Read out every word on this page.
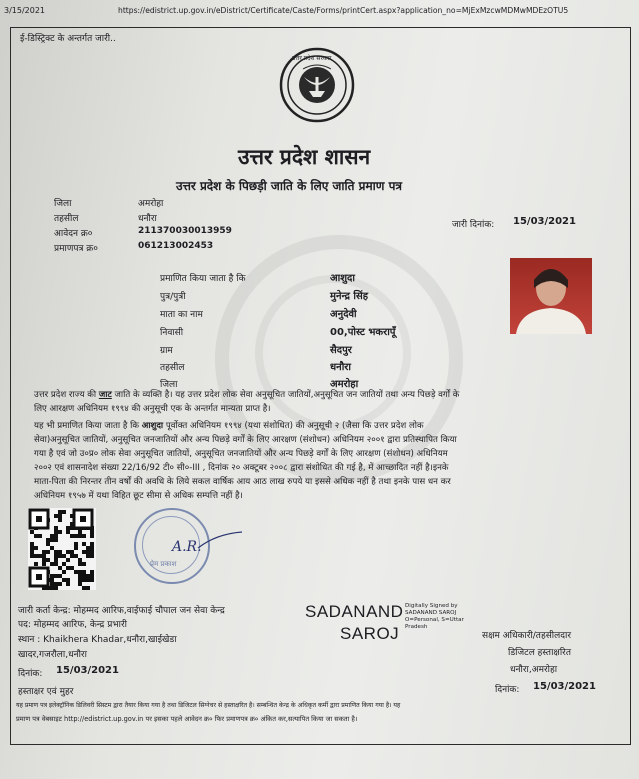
3/15/2021	https://edistrict.up.gov.in/eDistrict/Certificate/Caste/Forms/printCert.aspx?application_no=MjExMzcwMDMwMDEzOTU5
ई-डिस्ट्रिक्ट के अन्तर्गत जारी..
उत्तर प्रदेश सरकार
उत्तर प्रदेश शासन
उत्तर प्रदेश के पिछड़ी जाति के लिए जाति प्रमाण पत्र
जिला	अमरोहा
तहसील	धनौरा
आवेदन क्र०	211370030013959
प्रमाणपत्र क्र०	061213002453
जारी दिनांक: 15/03/2021
प्रमाणित किया जाता है कि	आशुदा
पुत्र/पुत्री	मुनेन्द्र सिंह
माता का नाम	अनुदेवी
निवासी	00,पोस्ट भकरापूँ
ग्राम	सैदपुर
तहसील	धनौरा
जिला	अमरोहा
उत्तर प्रदेश राज्य की जाट जाति के व्यक्ति है। यह उत्तर प्रदेश लोक सेवा अनुसूचित जातियों,अनुसूचित जन जातियों तथा अन्य पिछड़े वर्गों के
लिए आरक्षण अधिनियम १९९४ की अनुसूची एक के अन्तर्गत मान्यता प्राप्त है।
यह भी प्रमाणित किया जाता है कि आशुदा पूर्वोक्त अधिनियम १९९४ (यथा संशोधित) की अनुसूची २ (जैसा कि उत्तर प्रदेश लोक
सेवा)अनुसूचित जातियों, अनुसूचित जनजातियों और अन्य पिछड़े वर्गों के लिए आरक्षण (संशोधन) अधिनियम २००१ द्वारा प्रतिस्थापित किया
गया है एवं जो उ०प्र० लोक सेवा अनुसूचित जातियों, अनुसूचित जनजातियों और अन्य पिछड़े वर्गों के लिए आरक्षण (संशोधन) अधिनियम
२००२ एवं शासनादेश संख्या 22/16/92 टी० सी०-III , दिनांक २० अक्टूबर २००८ द्वारा संशोधित की गई है, में आच्छादित नहीं है।इनके
माता-पिता की निरन्तर तीन वर्षों की अवधि के लिये सकल वार्षिक आय आठ लाख रुपये या इससे अधिक नहीं है तथा इनके पास धन कर
अधिनियम १९५७ में यथा विहित छूट सीमा से अधिक सम्पत्ति नहीं है।
प्रेम प्रकाश
A.R.
जारी कर्ता केन्द्र: मोहम्मद आरिफ,वाईफाई चौपाल जन सेवा केन्द्र
पद: मोहम्मद आरिफ, केन्द्र प्रभारी
स्थान : Khaikhera Khadar,धनौरा,खाईखेडा
खादर,गजरौला,धनौरा
दिनांक: 15/03/2021
हस्ताक्षर एवं मुहर
SADANAND
SAROJ
Digitally Signed by
SADANAND SAROJ
O=Personal, S=Uttar
Pradesh
सक्षम अधिकारी/तहसीलदार
डिजिटल हस्ताक्षरित
धनौरा,अमरोहा
दिनांक: 15/03/2021
यह प्रमाण पत्र इलेक्ट्रॉनिक डिलिवरी सिस्टम द्वारा तैयार किया गया है तथा डिजिटल सिग्नेचर से हस्ताक्षरित है। सम्बन्धित केन्द्र के अधिकृत कर्मी द्वारा प्रमाणित किया गया है। यह
प्रमाण पत्र वेबसाइट http://edistrict.up.gov.in पर इसका पहले आवेदन क्र० फिर प्रमाणपत्र क्र० अंकित कर,सत्यापित किया जा सकता है।
